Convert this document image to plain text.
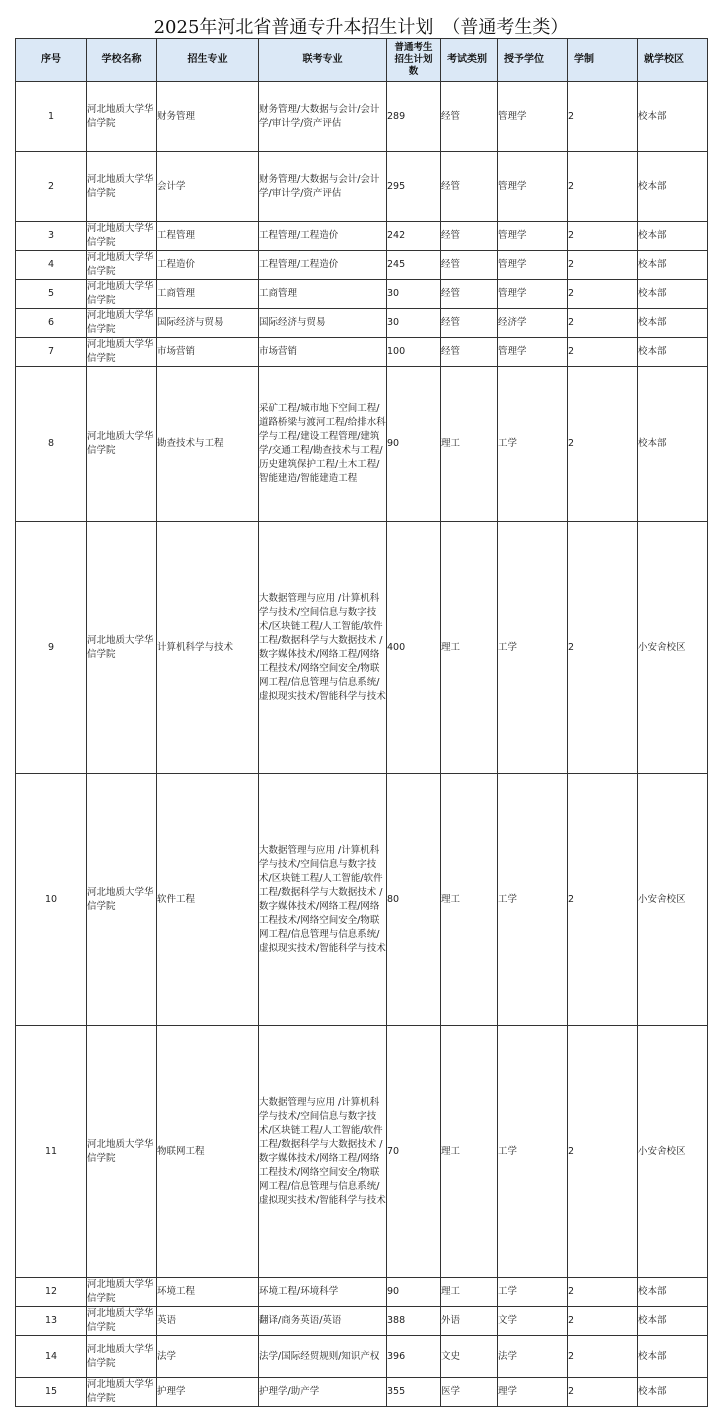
2025年河北省普通专升本招生计划　（普通考生类）
序号	学校名称	招生专业	联考专业	普通考生招生计划数	考试类别	授予学位	学制	就学校区
1	河北地质大学华信学院	财务管理	财务管理/大数据与会计/会计学/审计学/资产评估	289	经管	管理学	2	校本部
2	河北地质大学华信学院	会计学	财务管理/大数据与会计/会计学/审计学/资产评估	295	经管	管理学	2	校本部
3	河北地质大学华信学院	工程管理	工程管理/工程造价	242	经管	管理学	2	校本部
4	河北地质大学华信学院	工程造价	工程管理/工程造价	245	经管	管理学	2	校本部
5	河北地质大学华信学院	工商管理	工商管理	30	经管	管理学	2	校本部
6	河北地质大学华信学院	国际经济与贸易	国际经济与贸易	30	经管	经济学	2	校本部
7	河北地质大学华信学院	市场营销	市场营销	100	经管	管理学	2	校本部
8	河北地质大学华信学院	勘查技术与工程	采矿工程/城市地下空间工程/道路桥梁与渡河工程/给排水科学与工程/建设工程管理/建筑学/交通工程/勘查技术与工程/历史建筑保护工程/土木工程/智能建造/智能建造工程	90	理工	工学	2	校本部
9	河北地质大学华信学院	计算机科学与技术	大数据管理与应用 /计算机科学与技术/空间信息与数字技术/区块链工程/人工智能/软件工程/数据科学与大数据技术 /数字媒体技术/网络工程/网络工程技术/网络空间安全/物联网工程/信息管理与信息系统/虚拟现实技术/智能科学与技术	400	理工	工学	2	小安舍校区
10	河北地质大学华信学院	软件工程	大数据管理与应用 /计算机科学与技术/空间信息与数字技术/区块链工程/人工智能/软件工程/数据科学与大数据技术 /数字媒体技术/网络工程/网络工程技术/网络空间安全/物联网工程/信息管理与信息系统/虚拟现实技术/智能科学与技术	80	理工	工学	2	小安舍校区
11	河北地质大学华信学院	物联网工程	大数据管理与应用 /计算机科学与技术/空间信息与数字技术/区块链工程/人工智能/软件工程/数据科学与大数据技术 /数字媒体技术/网络工程/网络工程技术/网络空间安全/物联网工程/信息管理与信息系统/虚拟现实技术/智能科学与技术	70	理工	工学	2	小安舍校区
12	河北地质大学华信学院	环境工程	环境工程/环境科学	90	理工	工学	2	校本部
13	河北地质大学华信学院	英语	翻译/商务英语/英语	388	外语	文学	2	校本部
14	河北地质大学华信学院	法学	法学/国际经贸规则/知识产权	396	文史	法学	2	校本部
15	河北地质大学华信学院	护理学	护理学/助产学	355	医学	理学	2	校本部
